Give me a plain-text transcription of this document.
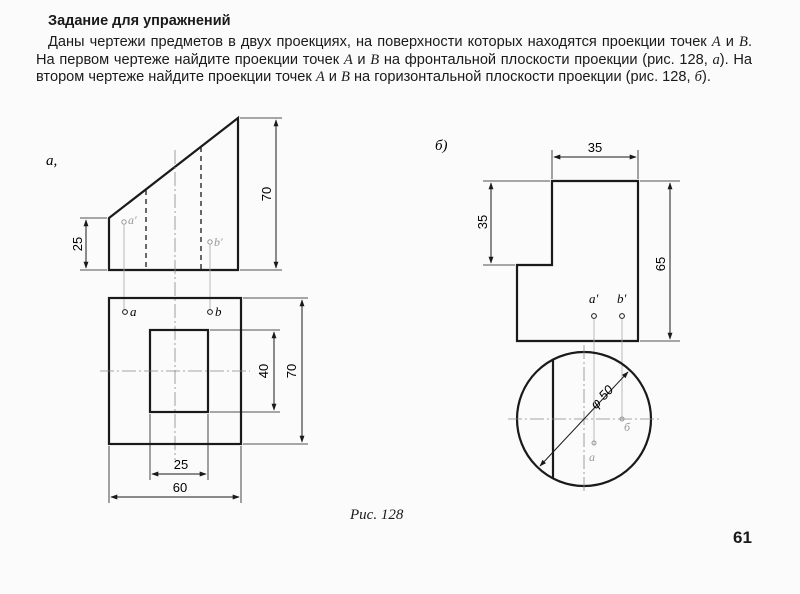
Задание для упражнений

Даны чертежи предметов в двух проекциях, на поверхности которых находятся проекции точек А и В. На первом чертеже найдите проекции точек А и В на фронтальной плоскости проекции (рис. 128, а). На втором чертеже найдите проекции точек А и В на горизонтальной плоскости проекции (рис. 128, б).

а,
25
70
a′
b′
a	b
40 70
25
60
б)	35
35
65
a′ b′
φ 50
a
б
Рис. 128
61
